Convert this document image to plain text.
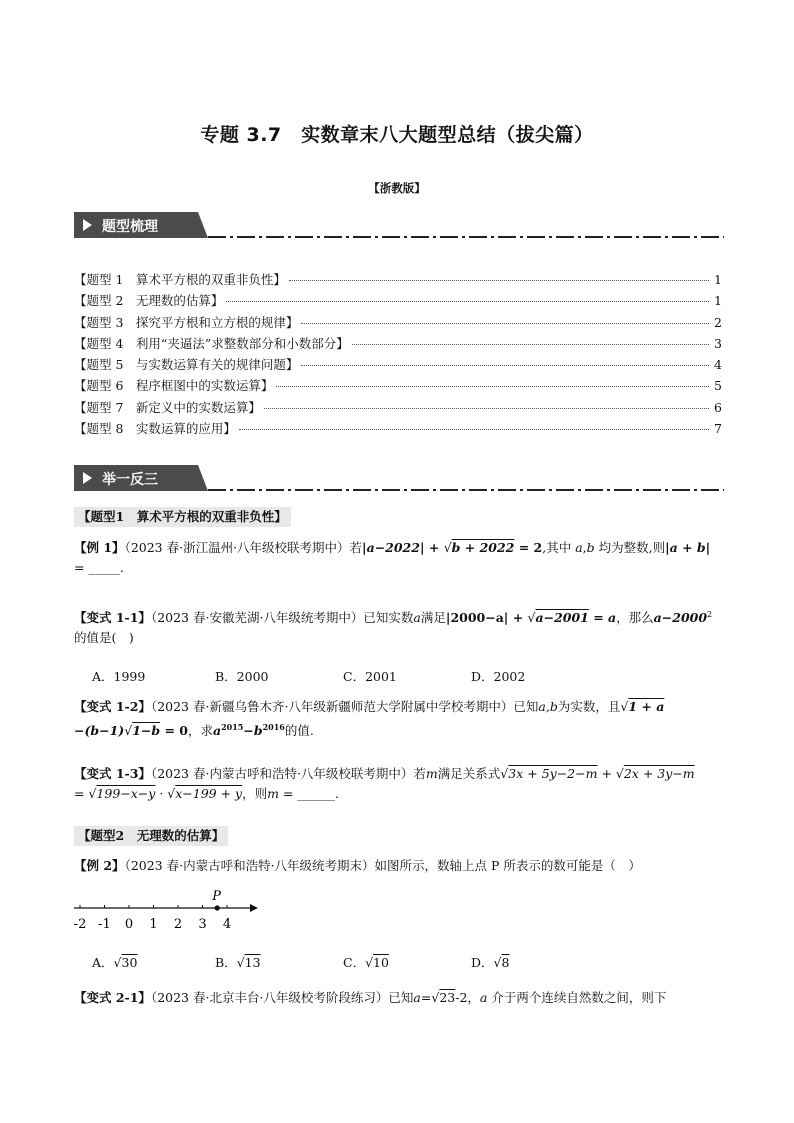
专题 3.7　实数章末八大题型总结（拔尖篇）
【浙教版】
题型梳理
【题型 1　算术平方根的双重非负性】	1
【题型 2　无理数的估算】	1
【题型 3　探究平方根和立方根的规律】	2
【题型 4　利用“夹逼法”求整数部分和小数部分】	3
【题型 5　与实数运算有关的规律问题】	4
【题型 6　程序框图中的实数运算】	5
【题型 7　新定义中的实数运算】	6
【题型 8　实数运算的应用】	7
举一反三
【题型1　算术平方根的双重非负性】
【例 1】（2023 春·浙江温州·八年级校联考期中）若|a−2022| + √b + 2022 = 2,其中 a,b 均为整数,则|a + b|
= _____.
【变式 1-1】（2023 春·安徽芜湖·八年级统考期中）已知实数a满足|2000−a| + √a−2001 = a，那么$a-2000^2$
的值是(　)
A．1999	B．2000	C．2001	D．2002
【变式 1-2】（2023 春·新疆乌鲁木齐·八年级新疆师范大学附属中学校考期中）已知a,b为实数，且√1 + a
−(b−1)√1−b = 0，求$a^{2015}-b^{2016}$的值.
【变式 1-3】（2023 春·内蒙古呼和浩特·八年级校联考期中）若m满足关系式√3x + 5y−2−m + √2x + 3y−m
= √199−x−y · √x−199 + y，则m = ______.
【题型2　无理数的估算】
【例 2】（2023 春·内蒙古呼和浩特·八年级统考期末）如图所示，数轴上点 P 所表示的数可能是（　）
-2 -1 0 1 2 3 4
P
A．√30	B．√13	C．√10	D．√8
【变式 2-1】（2023 春·北京丰台·八年级校考阶段练习）已知a=√23-2，a 介于两个连续自然数之间，则下
